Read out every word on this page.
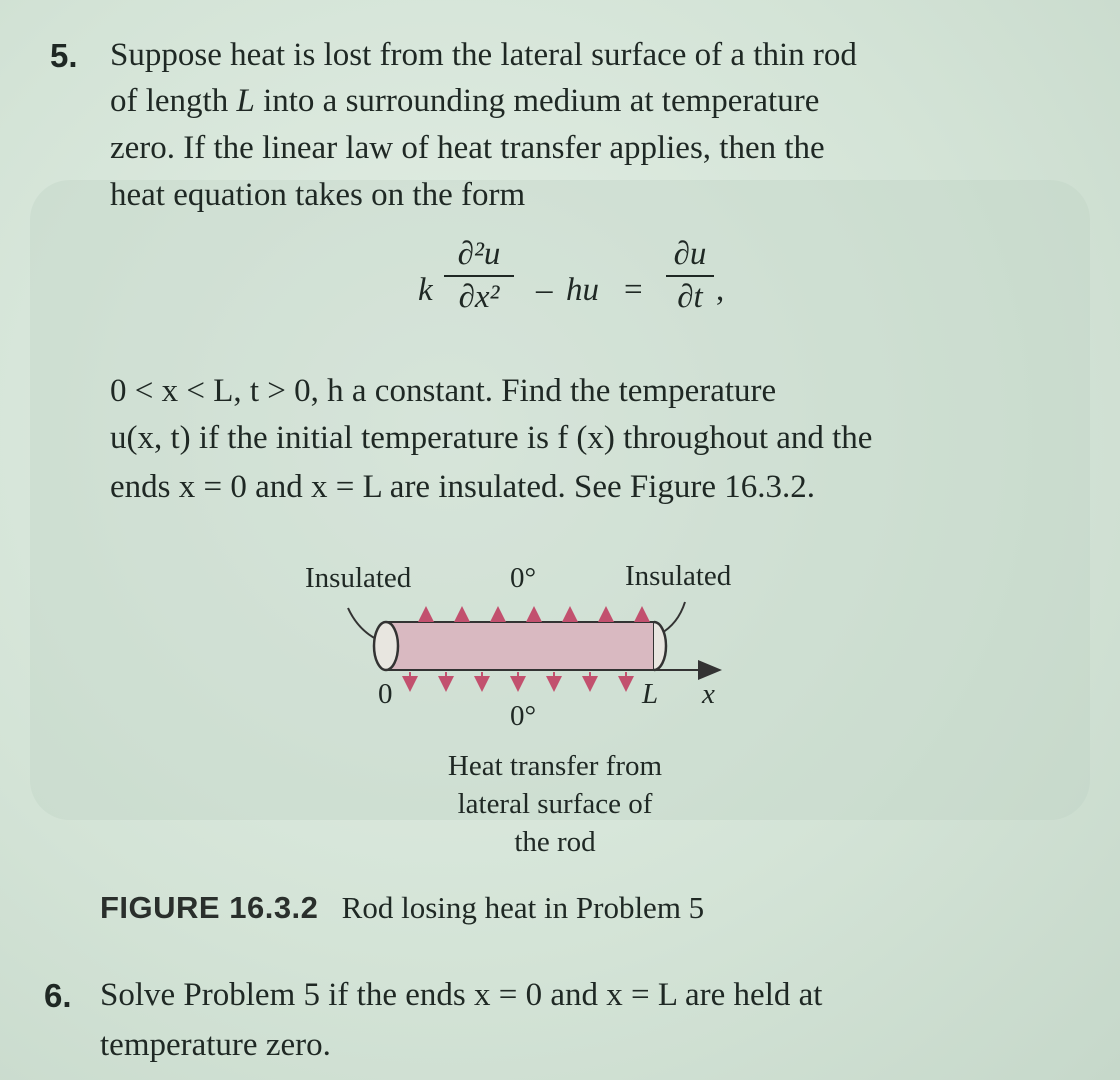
5. Suppose heat is lost from the lateral surface of a thin rod
of length L into a surrounding medium at temperature
zero. If the linear law of heat transfer applies, then the
heat equation takes on the form
k
∂²u
∂x²	– hu =
∂u
∂t ,
0 < x < L, t > 0, h a constant. Find the temperature
u(x, t) if the initial temperature is f (x) throughout and the
ends x = 0 and x = L are insulated. See Figure 16.3.2.
Insulated	0°	Insulated
0	L x
0°
Heat transfer from
lateral surface of
the rod
FIGURE 16.3.2 Rod losing heat in Problem 5
6. Solve Problem 5 if the ends x = 0 and x = L are held at
temperature zero.
